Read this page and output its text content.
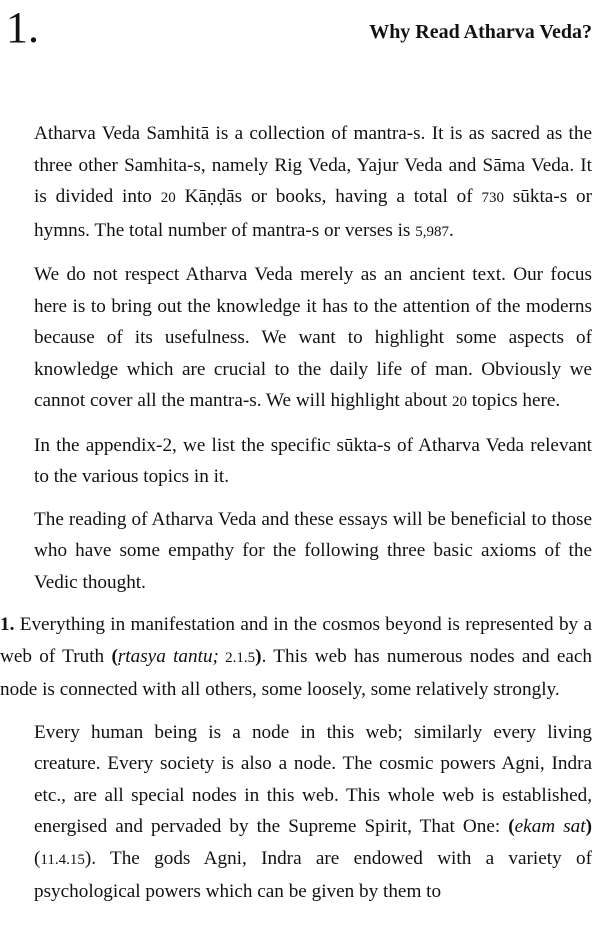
1.	Why Read Atharva Veda?

Atharva Veda Samhitā is a collection of mantra-s. It is as sacred as the three other Samhita-s, namely Rig Veda, Yajur Veda and Sāma Veda. It is divided into 20 Kāṇḍās or books, having a total of 730 sūkta-s or hymns. The total number of mantra-s or verses is 5,987.

We do not respect Atharva Veda merely as an ancient text. Our focus here is to bring out the knowledge it has to the attention of the moderns because of its usefulness. We want to highlight some aspects of knowledge which are crucial to the daily life of man. Obviously we cannot cover all the mantra-s. We will highlight about 20 topics here.

In the appendix-2, we list the specific sūkta-s of Atharva Veda relevant to the various topics in it.

The reading of Atharva Veda and these essays will be beneficial to those who have some empathy for the following three basic axioms of the Vedic thought.

1. Everything in manifestation and in the cosmos beyond is represented by a web of Truth (ṛtasya tantu; 2.1.5). This web has numerous nodes and each node is connected with all others, some loosely, some relatively strongly.

Every human being is a node in this web; similarly every living creature. Every society is also a node. The cosmic powers Agni, Indra etc., are all special nodes in this web. This whole web is established, energised and pervaded by the Supreme Spirit, That One: (ekam sat) (11.4.15). The gods Agni, Indra are endowed with a variety of psychological powers which can be given by them to
